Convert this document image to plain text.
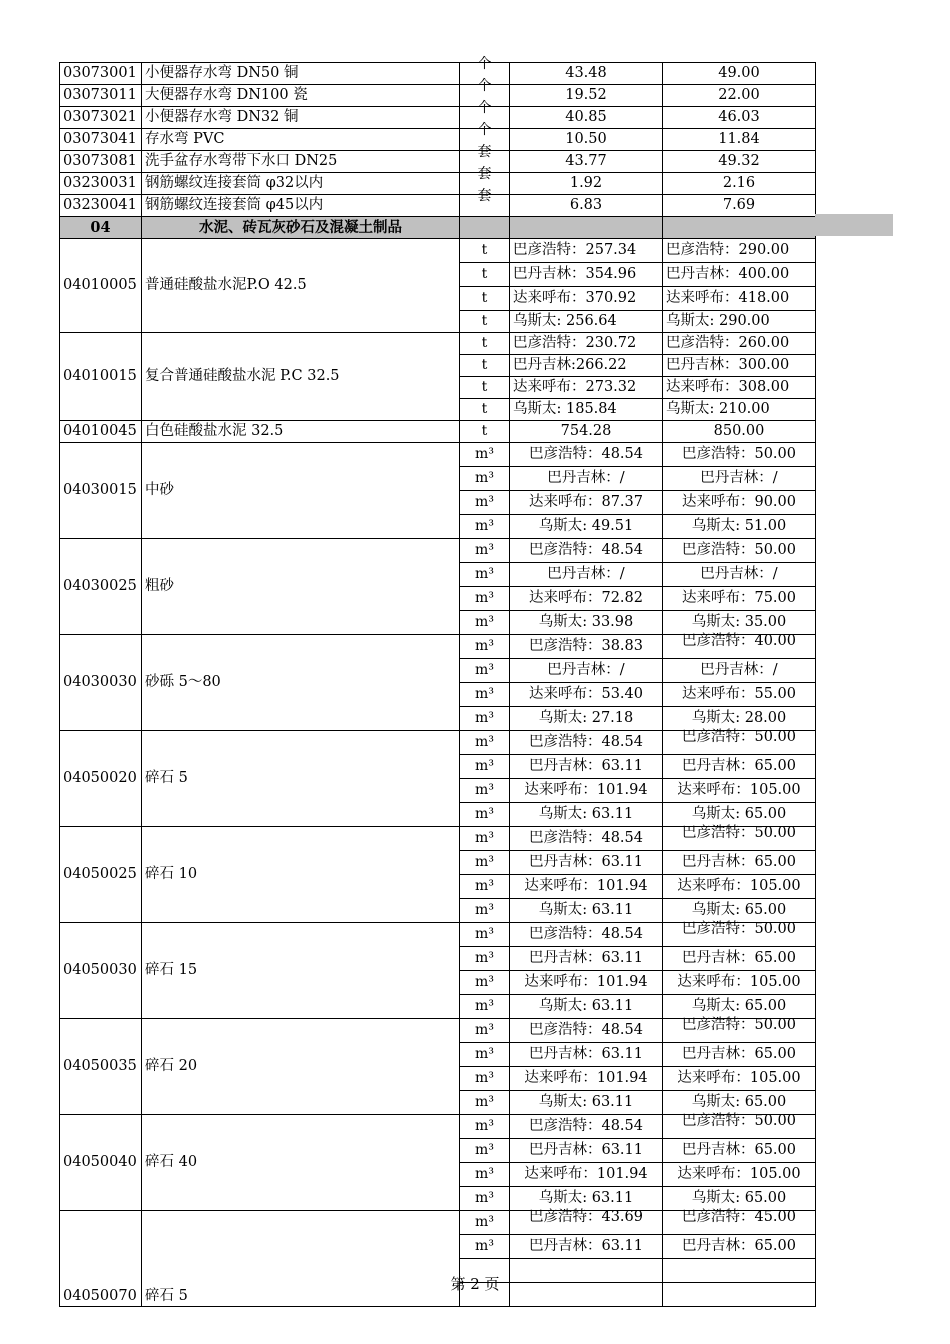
03073001	小便器存水弯 DN50 铜	个	43.48	49.00
03073011	大便器存水弯 DN100 瓷	个	19.52	22.00
03073021	小便器存水弯 DN32 铜	个	40.85	46.03
03073041	存水弯 PVC	个	10.50	11.84
03073081	洗手盆存水弯带下水口 DN25	套	43.77	49.32
03230031	钢筋螺纹连接套筒 φ32以内	套	1.92	2.16
03230041	钢筋螺纹连接套筒 φ45以内	套	6.83	7.69
04	水泥、砖瓦灰砂石及混凝土制品			
04010005	普通硅酸盐水泥P.O 42.5	t	巴彦浩特：257.34	巴彦浩特：290.00
		t	巴丹吉林：354.96	巴丹吉林：400.00
		t	达来呼布：370.92	达来呼布：418.00
		t	乌斯太: 256.64	乌斯太: 290.00
04010015	复合普通硅酸盐水泥 P.C 32.5	t	巴彦浩特：230.72	巴彦浩特：260.00
		t	巴丹吉林:266.22	巴丹吉林：300.00
		t	达来呼布：273.32	达来呼布：308.00
		t	乌斯太: 185.84	乌斯太: 210.00
04010045	白色硅酸盐水泥 32.5	t	754.28	850.00
04030015	中砂	m³	巴彦浩特：48.54	巴彦浩特：50.00
		m³	巴丹吉林：/	巴丹吉林：/
		m³	达来呼布：87.37	达来呼布：90.00
		m³	乌斯太: 49.51	乌斯太: 51.00
04030025	粗砂	m³	巴彦浩特：48.54	巴彦浩特：50.00
		m³	巴丹吉林：/	巴丹吉林：/
		m³	达来呼布：72.82	达来呼布：75.00
		m³	乌斯太: 33.98	乌斯太: 35.00
04030030	砂砾 5～80	m³	巴彦浩特：38.83	巴彦浩特：40.00
		m³	巴丹吉林：/	巴丹吉林：/
		m³	达来呼布：53.40	达来呼布：55.00
		m³	乌斯太: 27.18	乌斯太: 28.00
04050020	碎石 5	m³	巴彦浩特：48.54	巴彦浩特：50.00
		m³	巴丹吉林：63.11	巴丹吉林：65.00
		m³	达来呼布：101.94	达来呼布：105.00
		m³	乌斯太: 63.11	乌斯太: 65.00
04050025	碎石 10	m³	巴彦浩特：48.54	巴彦浩特：50.00
		m³	巴丹吉林：63.11	巴丹吉林：65.00
		m³	达来呼布：101.94	达来呼布：105.00
		m³	乌斯太: 63.11	乌斯太: 65.00
04050030	碎石 15	m³	巴彦浩特：48.54	巴彦浩特：50.00
		m³	巴丹吉林：63.11	巴丹吉林：65.00
		m³	达来呼布：101.94	达来呼布：105.00
		m³	乌斯太: 63.11	乌斯太: 65.00
04050035	碎石 20	m³	巴彦浩特：48.54	巴彦浩特：50.00
		m³	巴丹吉林：63.11	巴丹吉林：65.00
		m³	达来呼布：101.94	达来呼布：105.00
		m³	乌斯太: 63.11	乌斯太: 65.00
04050040	碎石 40	m³	巴彦浩特：48.54	巴彦浩特：50.00
		m³	巴丹吉林：63.11	巴丹吉林：65.00
		m³	达来呼布：101.94	达来呼布：105.00
		m³	乌斯太: 63.11	乌斯太: 65.00
04050070	碎石 5	m³	巴彦浩特：43.69	巴彦浩特：45.00
		m³	巴丹吉林：63.11	巴丹吉林：65.00

第 2 页
